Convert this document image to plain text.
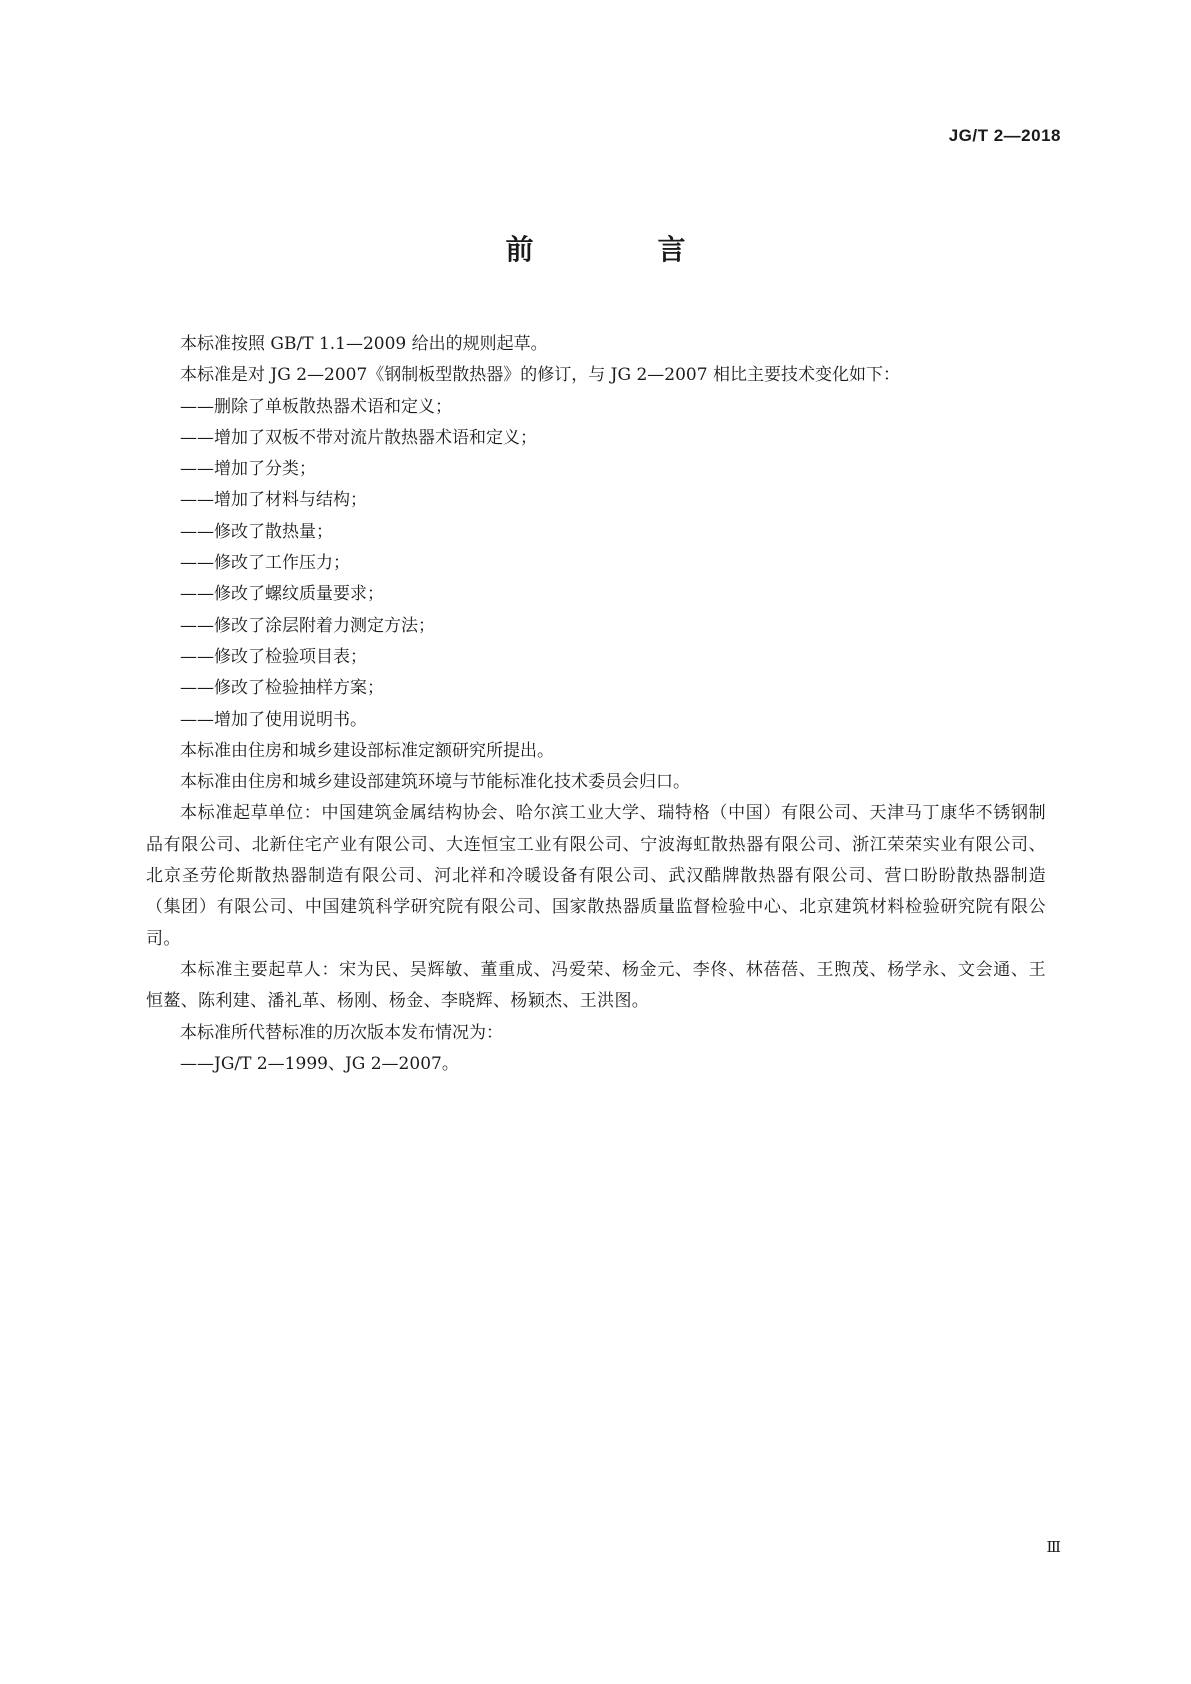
JG/T 2—2018
前　言

本标准按照 GB/T 1.1—2009 给出的规则起草。

本标准是对 JG 2—2007《钢制板型散热器》的修订，与 JG 2—2007 相比主要技术变化如下：

——删除了单板散热器术语和定义；

——增加了双板不带对流片散热器术语和定义；

——增加了分类；

——增加了材料与结构；

——修改了散热量；

——修改了工作压力；

——修改了螺纹质量要求；

——修改了涂层附着力测定方法；

——修改了检验项目表；

——修改了检验抽样方案；

——增加了使用说明书。

本标准由住房和城乡建设部标准定额研究所提出。

本标准由住房和城乡建设部建筑环境与节能标准化技术委员会归口。

本标准起草单位：中国建筑金属结构协会、哈尔滨工业大学、瑞特格（中国）有限公司、天津马丁康华不锈钢制品有限公司、北新住宅产业有限公司、大连恒宝工业有限公司、宁波海虹散热器有限公司、浙江荣荣实业有限公司、北京圣劳伦斯散热器制造有限公司、河北祥和冷暖设备有限公司、武汉酷牌散热器有限公司、营口盼盼散热器制造（集团）有限公司、中国建筑科学研究院有限公司、国家散热器质量监督检验中心、北京建筑材料检验研究院有限公司。

本标准主要起草人：宋为民、吴辉敏、董重成、冯爱荣、杨金元、李佟、林蓓蓓、王煦茂、杨学永、文会通、王恒鳌、陈利建、潘礼革、杨刚、杨金、李晓辉、杨颖杰、王洪图。

本标准所代替标准的历次版本发布情况为：

——JG/T 2—1999、JG 2—2007。

Ⅲ
